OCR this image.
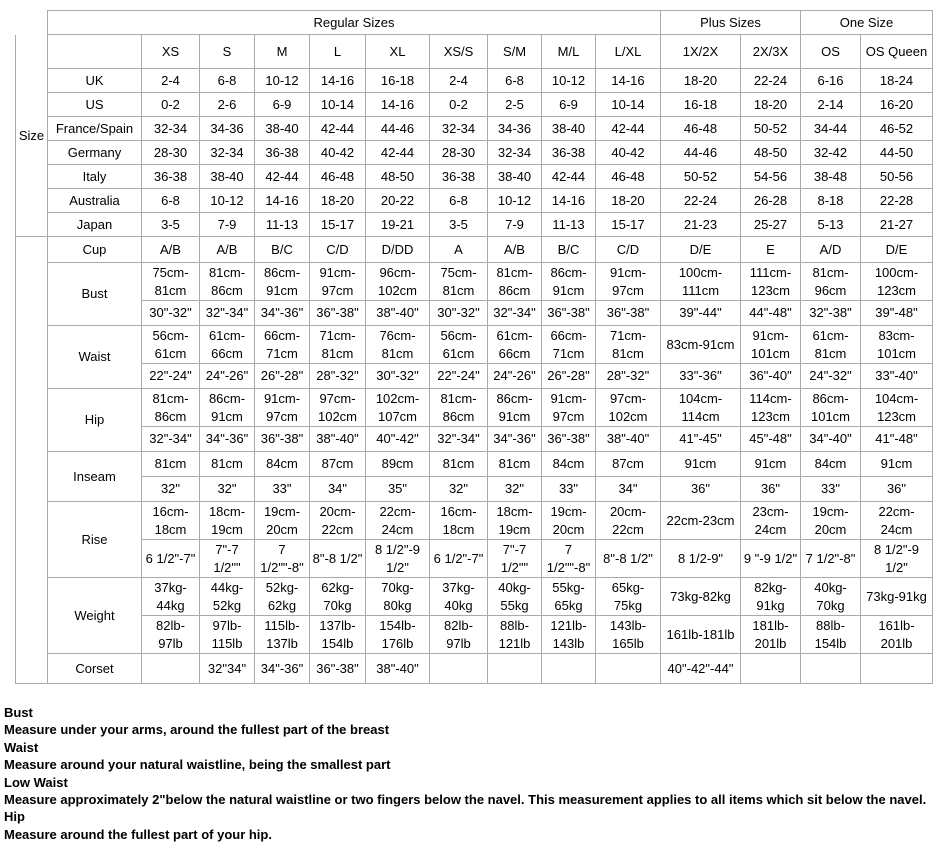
	Regular Sizes										Plus Sizes		One Size	
Size		XS	S	M	L	XL	XS/S	S/M	M/L	L/XL	1X/2X	2X/3X	OS	OS Queen
	UK	2-4	6-8	10-12	14-16	16-18	2-4	6-8	10-12	14-16	18-20	22-24	6-16	18-24
	US	0-2	2-6	6-9	10-14	14-16	0-2	2-5	6-9	10-14	16-18	18-20	2-14	16-20
	France/Spain	32-34	34-36	38-40	42-44	44-46	32-34	34-36	38-40	42-44	46-48	50-52	34-44	46-52
	Germany	28-30	32-34	36-38	40-42	42-44	28-30	32-34	36-38	40-42	44-46	48-50	32-42	44-50
	Italy	36-38	38-40	42-44	46-48	48-50	36-38	38-40	42-44	46-48	50-52	54-56	38-48	50-56
	Australia	6-8	10-12	14-16	18-20	20-22	6-8	10-12	14-16	18-20	22-24	26-28	8-18	22-28
	Japan	3-5	7-9	11-13	15-17	19-21	3-5	7-9	11-13	15-17	21-23	25-27	5-13	21-27
	Cup	A/B	A/B	B/C	C/D	D/DD	A	A/B	B/C	C/D	D/E	E	A/D	D/E
	Bust	75cm-81cm	81cm-86cm	86cm-91cm	91cm-97cm	96cm-102cm	75cm-81cm	81cm-86cm	86cm-91cm	91cm-97cm	100cm-111cm	111cm-123cm	81cm-96cm	100cm-123cm
		30"-32"	32"-34"	34"-36"	36"-38"	38"-40"	30"-32"	32"-34"	36"-38"	36"-38"	39"-44"	44"-48"	32"-38"	39"-48"
	Waist	56cm-61cm	61cm-66cm	66cm-71cm	71cm-81cm	76cm-81cm	56cm-61cm	61cm-66cm	66cm-71cm	71cm-81cm	83cm-91cm	91cm-101cm	61cm-81cm	83cm-101cm
		22"-24"	24"-26"	26"-28"	28"-32"	30"-32"	22"-24"	24"-26"	26"-28"	28"-32"	33"-36"	36"-40"	24"-32"	33"-40"
	Hip	81cm-86cm	86cm-91cm	91cm-97cm	97cm-102cm	102cm-107cm	81cm-86cm	86cm-91cm	91cm-97cm	97cm-102cm	104cm-114cm	114cm-123cm	86cm-101cm	104cm-123cm
		32"-34"	34"-36"	36"-38"	38"-40"	40"-42"	32"-34"	34"-36"	36"-38"	38"-40"	41"-45"	45"-48"	34"-40"	41"-48"
	Inseam	81cm	81cm	84cm	87cm	89cm	81cm	81cm	84cm	87cm	91cm	91cm	84cm	91cm
		32"	32"	33"	34"	35"	32"	32"	33"	34"	36"	36"	33"	36"
	Rise	16cm-18cm	18cm-19cm	19cm-20cm	20cm-22cm	22cm-24cm	16cm-18cm	18cm-19cm	19cm-20cm	20cm-22cm	22cm-23cm	23cm-24cm	19cm-20cm	22cm-24cm
		6 1/2"-7"	7"-7 1/2""	7 1/2""-8"	8"-8 1/2"	8 1/2"-9 1/2"	6 1/2"-7"	7"-7 1/2""	7 1/2""-8"	8"-8 1/2"	8 1/2-9"	9 "-9 1/2"	7 1/2"-8"	8 1/2"-9 1/2"
	Weight	37kg-44kg	44kg-52kg	52kg-62kg	62kg-70kg	70kg-80kg	37kg-40kg	40kg-55kg	55kg-65kg	65kg-75kg	73kg-82kg	82kg-91kg	40kg-70kg	73kg-91kg
		82lb-97lb	97lb-115lb	115lb-137lb	137lb-154lb	154lb-176lb	82lb-97lb	88lb-121lb	121lb-143lb	143lb-165lb	161lb-181lb	181lb-201lb	88lb-154lb	161lb-201lb
	Corset		32"34"	34"-36"	36"-38"	38"-40"					40"-42"-44"			
Bust
Measure under your arms, around the fullest part of the breast
Waist
Measure around your natural waistline, being the smallest part
Low Waist
Measure approximately 2"below the natural waistline or two fingers below the navel. This measurement applies to all items which sit below the navel.
Hip
Measure around the fullest part of your hip.
